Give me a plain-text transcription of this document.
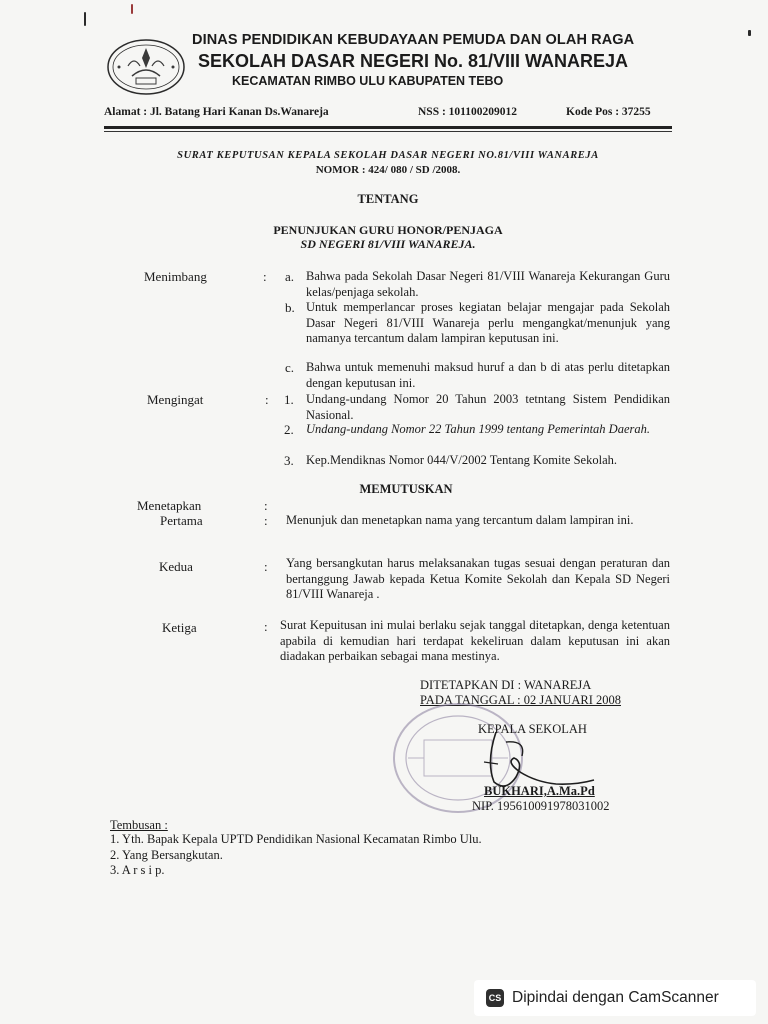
DINAS PENDIDIKAN KEBUDAYAAN PEMUDA DAN OLAH RAGA
SEKOLAH DASAR NEGERI No. 81/VIII WANAREJA
KECAMATAN RIMBO ULU KABUPATEN TEBO
Alamat : Jl. Batang Hari Kanan Ds.Wanareja	NSS : 101100209012	Kode Pos : 37255
SURAT KEPUTUSAN KEPALA SEKOLAH DASAR NEGERI NO.81/VIII WANAREJA
NOMOR : 424/ 080 / SD /2008.
TENTANG
PENUNJUKAN GURU HONOR/PENJAGA
SD NEGERI 81/VIII WANAREJA.
Menimbang	: a. Bahwa pada Sekolah Dasar Negeri 81/VIII Wanareja Kekurangan Guru kelas/penjaga sekolah.
b. Untuk memperlancar proses kegiatan belajar mengajar pada Sekolah Dasar Negeri 81/VIII Wanareja perlu mengangkat/menunjuk yang namanya tercantum dalam lampiran keputusan ini.
c. Bahwa untuk memenuhi maksud huruf a dan b di atas perlu ditetapkan dengan keputusan ini.
Mengingat	: 1. Undang-undang Nomor 20 Tahun 2003 tetntang Sistem Pendidikan Nasional.
2. Undang-undang Nomor 22 Tahun 1999 tentang Pemerintah Daerah.
3. Kep.Mendiknas Nomor 044/V/2002 Tentang Komite Sekolah.
MEMUTUSKAN
Menetapkan	:
Pertama	: Menunjuk dan menetapkan nama yang tercantum dalam lampiran ini.
Kedua	: Yang bersangkutan harus melaksanakan tugas sesuai dengan peraturan dan bertanggung Jawab kepada Ketua Komite Sekolah dan Kepala SD Negeri 81/VIII Wanareja .
Ketiga	: Surat Kepuitusan ini mulai berlaku sejak tanggal ditetapkan, denga ketentuan apabila di kemudian hari terdapat kekeliruan dalam keputusan ini akan diadakan perbaikan sebagai mana mestinya.
DITETAPKAN DI : WANAREJA
PADA TANGGAL : 02 JANUARI 2008
KEPALA SEKOLAH
BUKHARI,A.Ma.Pd
NIP. 195610091978031002
Tembusan :
1. Yth. Bapak Kepala UPTD Pendidikan Nasional Kecamatan Rimbo Ulu.
2. Yang Bersangkutan.
3. A r s i p.
CS Dipindai dengan CamScanner
